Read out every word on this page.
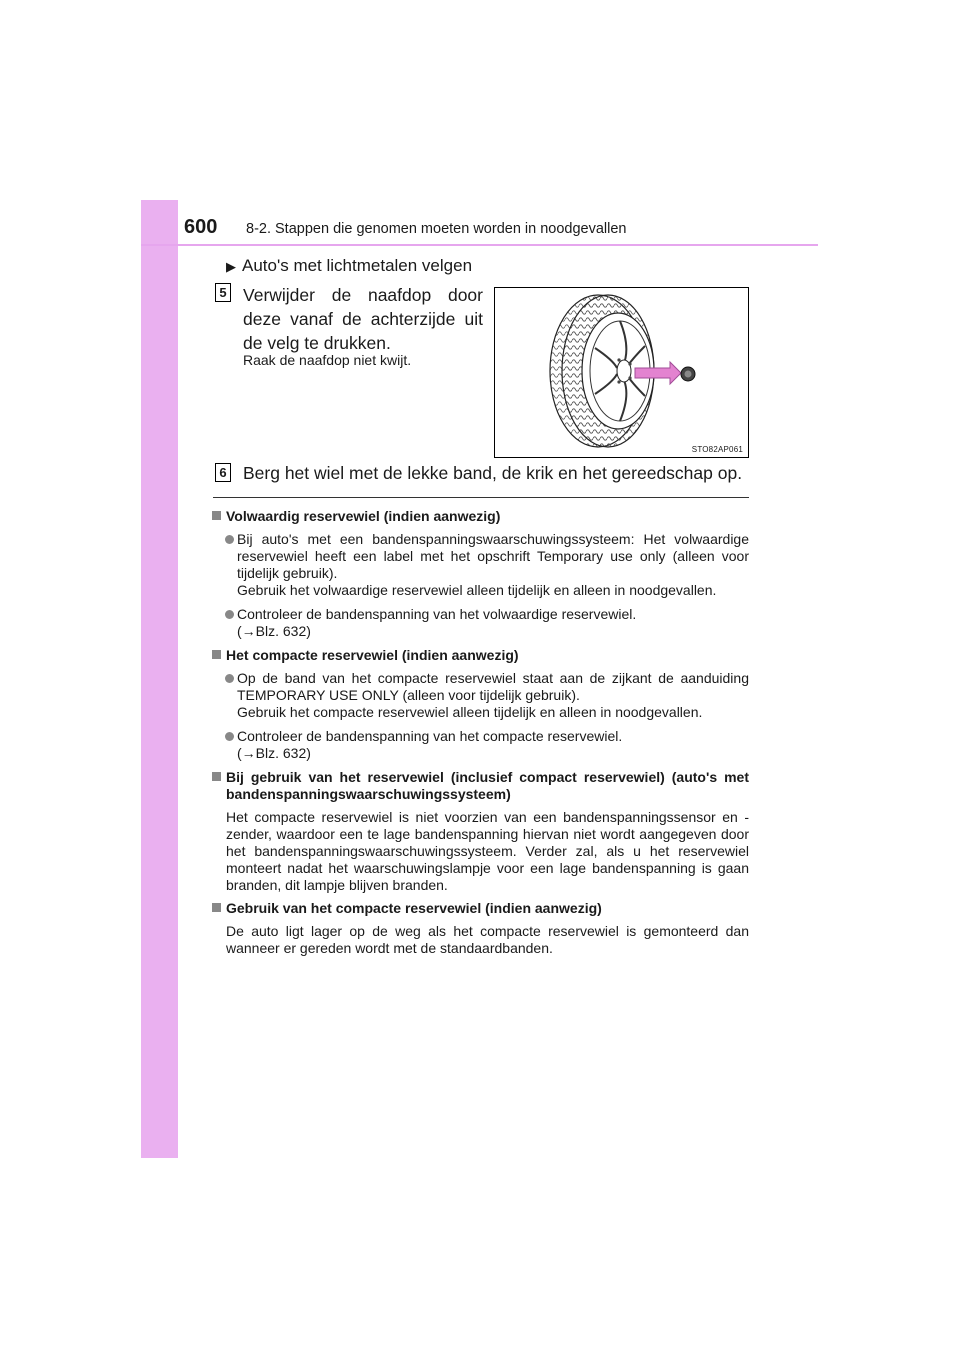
600 8-2. Stappen die genomen moeten worden in noodgevallen
▶ Auto's met lichtmetalen velgen
5 Verwijder de naafdop door deze vanaf de achterzijde uit de velg te drukken.
Raak de naafdop niet kwijt.
STO82AP061
6 Berg het wiel met de lekke band, de krik en het gereedschap op.
Volwaardig reservewiel (indien aanwezig)
Bij auto's met een bandenspanningswaarschuwingssysteem: Het volwaardige reservewiel heeft een label met het opschrift Temporary use only (alleen voor tijdelijk gebruik).
Gebruik het volwaardige reservewiel alleen tijdelijk en alleen in noodgevallen.
Controleer de bandenspanning van het volwaardige reservewiel.
(→Blz. 632)
Het compacte reservewiel (indien aanwezig)
Op de band van het compacte reservewiel staat aan de zijkant de aanduiding TEMPORARY USE ONLY (alleen voor tijdelijk gebruik).
Gebruik het compacte reservewiel alleen tijdelijk en alleen in noodgevallen.
Controleer de bandenspanning van het compacte reservewiel.
(→Blz. 632)
Bij gebruik van het reservewiel (inclusief compact reservewiel) (auto's met bandenspanningswaarschuwingssysteem)
Het compacte reservewiel is niet voorzien van een bandenspanningssensor en -zender, waardoor een te lage bandenspanning hiervan niet wordt aangegeven door het bandenspanningswaarschuwingssysteem. Verder zal, als u het reservewiel monteert nadat het waarschuwingslampje voor een lage bandenspanning is gaan branden, dit lampje blijven branden.
Gebruik van het compacte reservewiel (indien aanwezig)
De auto ligt lager op de weg als het compacte reservewiel is gemonteerd dan wanneer er gereden wordt met de standaardbanden.
